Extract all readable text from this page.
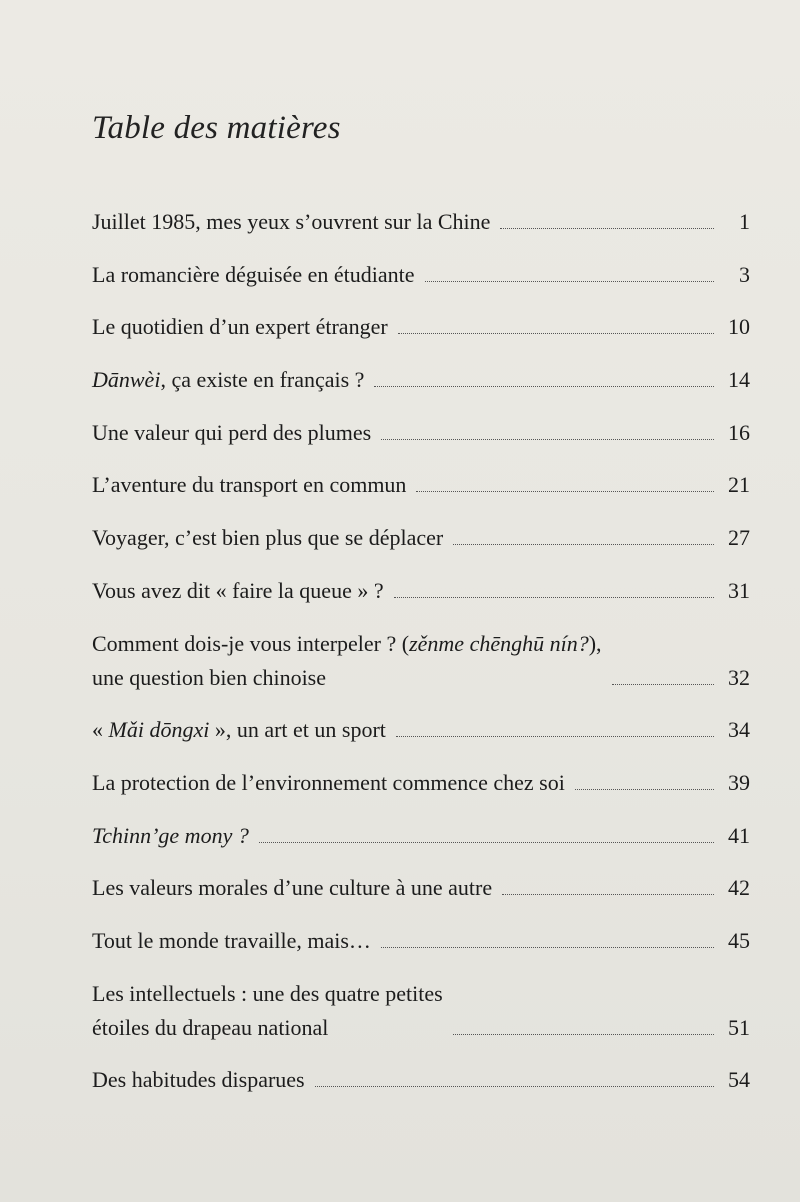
Table des matières
Juillet 1985, mes yeux s’ouvrent sur la Chine	1
La romancière déguisée en étudiante	3
Le quotidien d’un expert étranger	10
Dānwèi, ça existe en français ?	14
Une valeur qui perd des plumes	16
L’aventure du transport en commun	21
Voyager, c’est bien plus que se déplacer	27
Vous avez dit « faire la queue » ?	31
Comment dois-je vous interpeler ? (zěnme chēnghū nín?),
une question bien chinoise	32
« Mǎi dōngxi », un art et un sport	34
La protection de l’environnement commence chez soi	39
Tchinn’ge mony ?	41
Les valeurs morales d’une culture à une autre	42
Tout le monde travaille, mais…	45
Les intellectuels : une des quatre petites
étoiles du drapeau national	51
Des habitudes disparues	54
